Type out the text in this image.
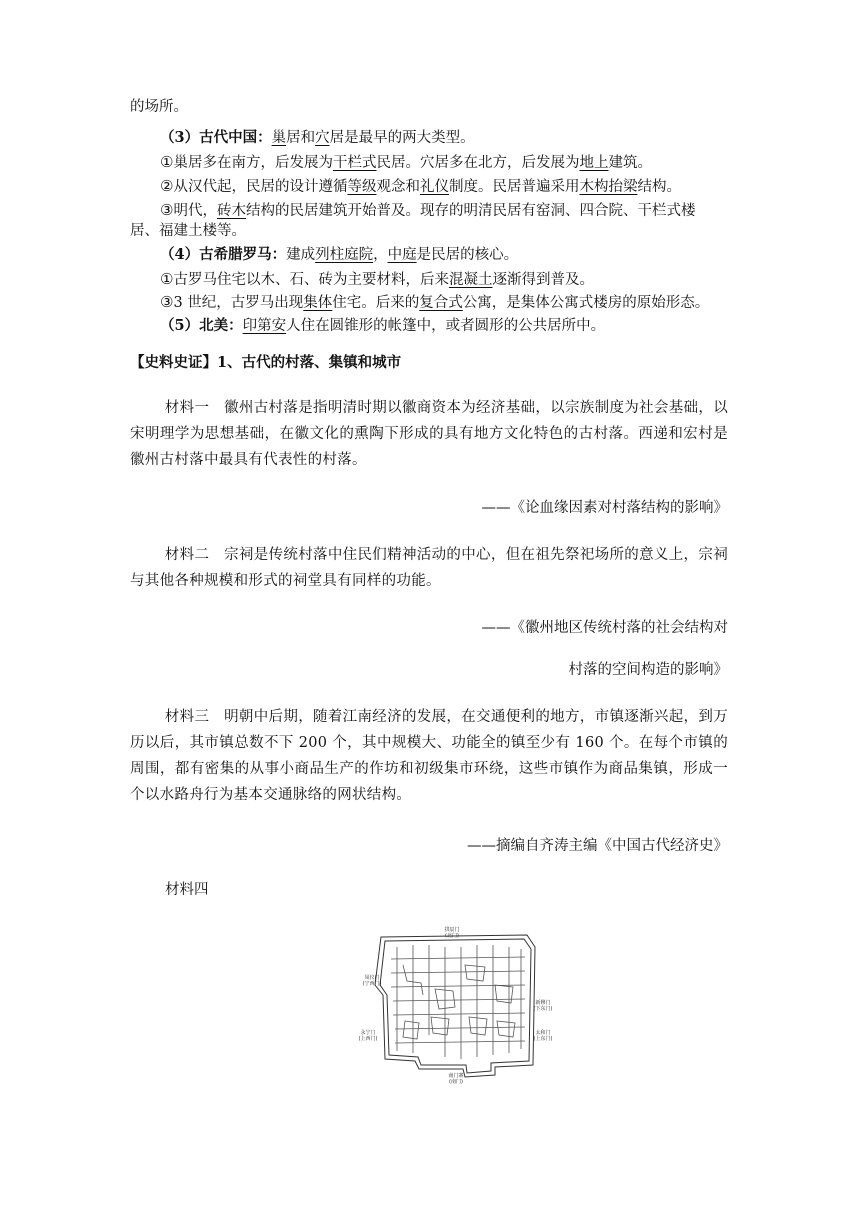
的场所。
（3）古代中国：巢居和穴居是最早的两大类型。
①巢居多在南方，后发展为干栏式民居。穴居多在北方，后发展为地上建筑。
②从汉代起，民居的设计遵循等级观念和礼仪制度。民居普遍采用木构抬梁结构。
③明代，砖木结构的民居建筑开始普及。现存的明清民居有窑洞、四合院、干栏式楼
居、福建土楼等。
（4）古希腊罗马：建成列柱庭院，中庭是民居的核心。
①古罗马住宅以木、石、砖为主要材料，后来混凝土逐渐得到普及。
③3 世纪，古罗马出现集体住宅。后来的复合式公寓，是集体公寓式楼房的原始形态。
（5）北美：印第安人住在圆锥形的帐篷中，或者圆形的公共居所中。
【史料史证】1、古代的村落、集镇和城市
材料一　徽州古村落是指明清时期以徽商资本为经济基础，以宗族制度为社会基础，以宋明理学为思想基础，在徽文化的熏陶下形成的具有地方文化特色的古村落。西递和宏村是徽州古村落中最具有代表性的村落。
——《论血缘因素对村落结构的影响》
材料二　宗祠是传统村落中住民们精神活动的中心，但在祖先祭祀场所的意义上，宗祠与其他各种规模和形式的祠堂具有同样的功能。
——《徽州地区传统村落的社会结构对
村落的空间构造的影响》
材料三　明朝中后期，随着江南经济的发展，在交通便利的地方，市镇逐渐兴起，到万历以后，其市镇总数不下 200 个，其中规模大、功能全的镇至少有 160 个。在每个市镇的周围，都有密集的从事小商品生产的作坊和初级集市环绕，这些市镇作为商品集镇，形成一个以水路舟行为基本交通脉络的网状结构。
——摘编自齐涛主编《中国古代经济史》
材料四
拱辰门
(北门)
凤仪门
(宁西门)
新穆门
(下东门)
永宁门
(上西门)
太和门
(上东门)
南门寨
(南门)
